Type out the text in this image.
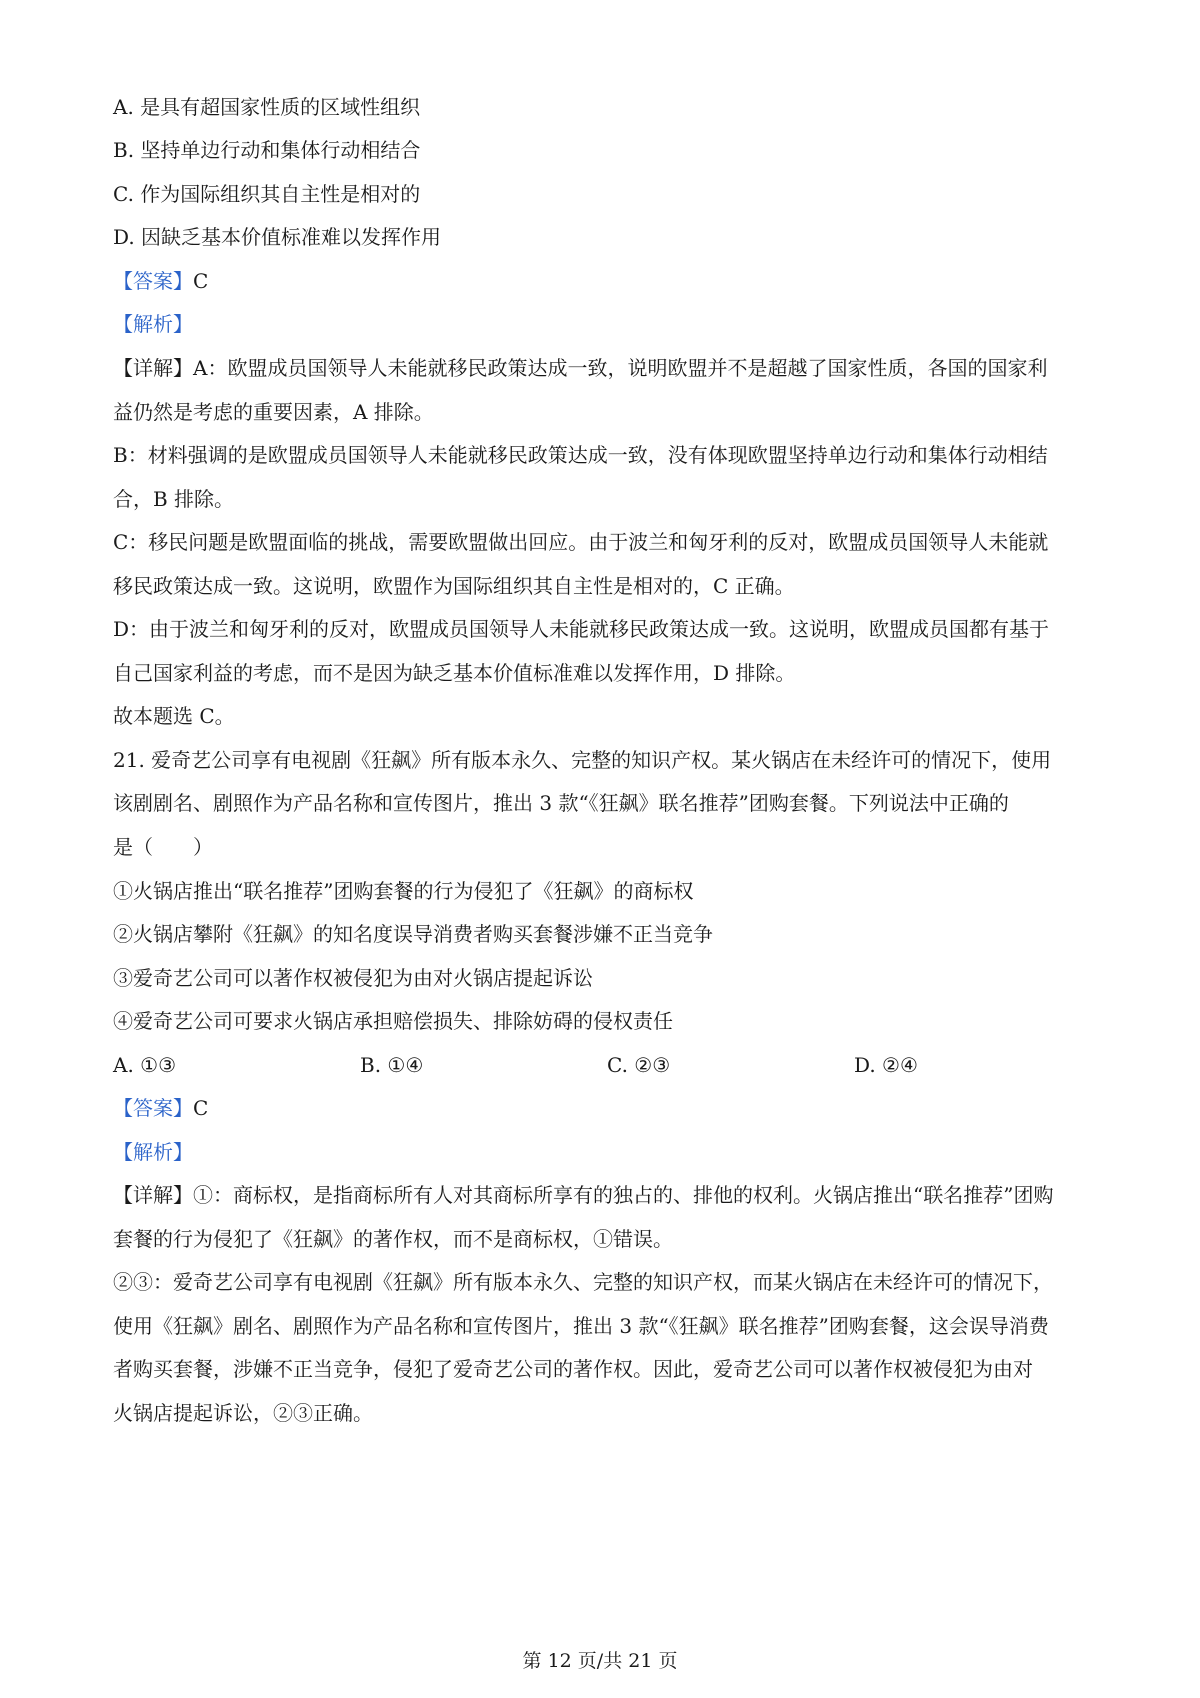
A. 是具有超国家性质的区域性组织
B. 坚持单边行动和集体行动相结合
C. 作为国际组织其自主性是相对的
D. 因缺乏基本价值标准难以发挥作用
【答案】C
【解析】
【详解】A：欧盟成员国领导人未能就移民政策达成一致，说明欧盟并不是超越了国家性质，各国的国家利
益仍然是考虑的重要因素，A 排除。
B：材料强调的是欧盟成员国领导人未能就移民政策达成一致，没有体现欧盟坚持单边行动和集体行动相结
合，B 排除。
C：移民问题是欧盟面临的挑战，需要欧盟做出回应。由于波兰和匈牙利的反对，欧盟成员国领导人未能就
移民政策达成一致。这说明，欧盟作为国际组织其自主性是相对的，C 正确。
D：由于波兰和匈牙利的反对，欧盟成员国领导人未能就移民政策达成一致。这说明，欧盟成员国都有基于
自己国家利益的考虑，而不是因为缺乏基本价值标准难以发挥作用，D 排除。
故本题选 C。
21. 爱奇艺公司享有电视剧《狂飙》所有版本永久、完整的知识产权。某火锅店在未经许可的情况下，使用
该剧剧名、剧照作为产品名称和宣传图片，推出 3 款“《狂飙》联名推荐”团购套餐。下列说法中正确的
是（　　）
①火锅店推出“联名推荐”团购套餐的行为侵犯了《狂飙》的商标权
②火锅店攀附《狂飙》的知名度误导消费者购买套餐涉嫌不正当竞争
③爱奇艺公司可以著作权被侵犯为由对火锅店提起诉讼
④爱奇艺公司可要求火锅店承担赔偿损失、排除妨碍的侵权责任
A. ①③	B. ①④	C. ②③	D. ②④
【答案】C
【解析】
【详解】①：商标权，是指商标所有人对其商标所享有的独占的、排他的权利。火锅店推出“联名推荐”团购
套餐的行为侵犯了《狂飙》的著作权，而不是商标权，①错误。
②③：爱奇艺公司享有电视剧《狂飙》所有版本永久、完整的知识产权，而某火锅店在未经许可的情况下，
使用《狂飙》剧名、剧照作为产品名称和宣传图片，推出 3 款“《狂飙》联名推荐”团购套餐，这会误导消费
者购买套餐，涉嫌不正当竞争，侵犯了爱奇艺公司的著作权。因此，爱奇艺公司可以著作权被侵犯为由对
火锅店提起诉讼，②③正确。
第 12 页/共 21 页
